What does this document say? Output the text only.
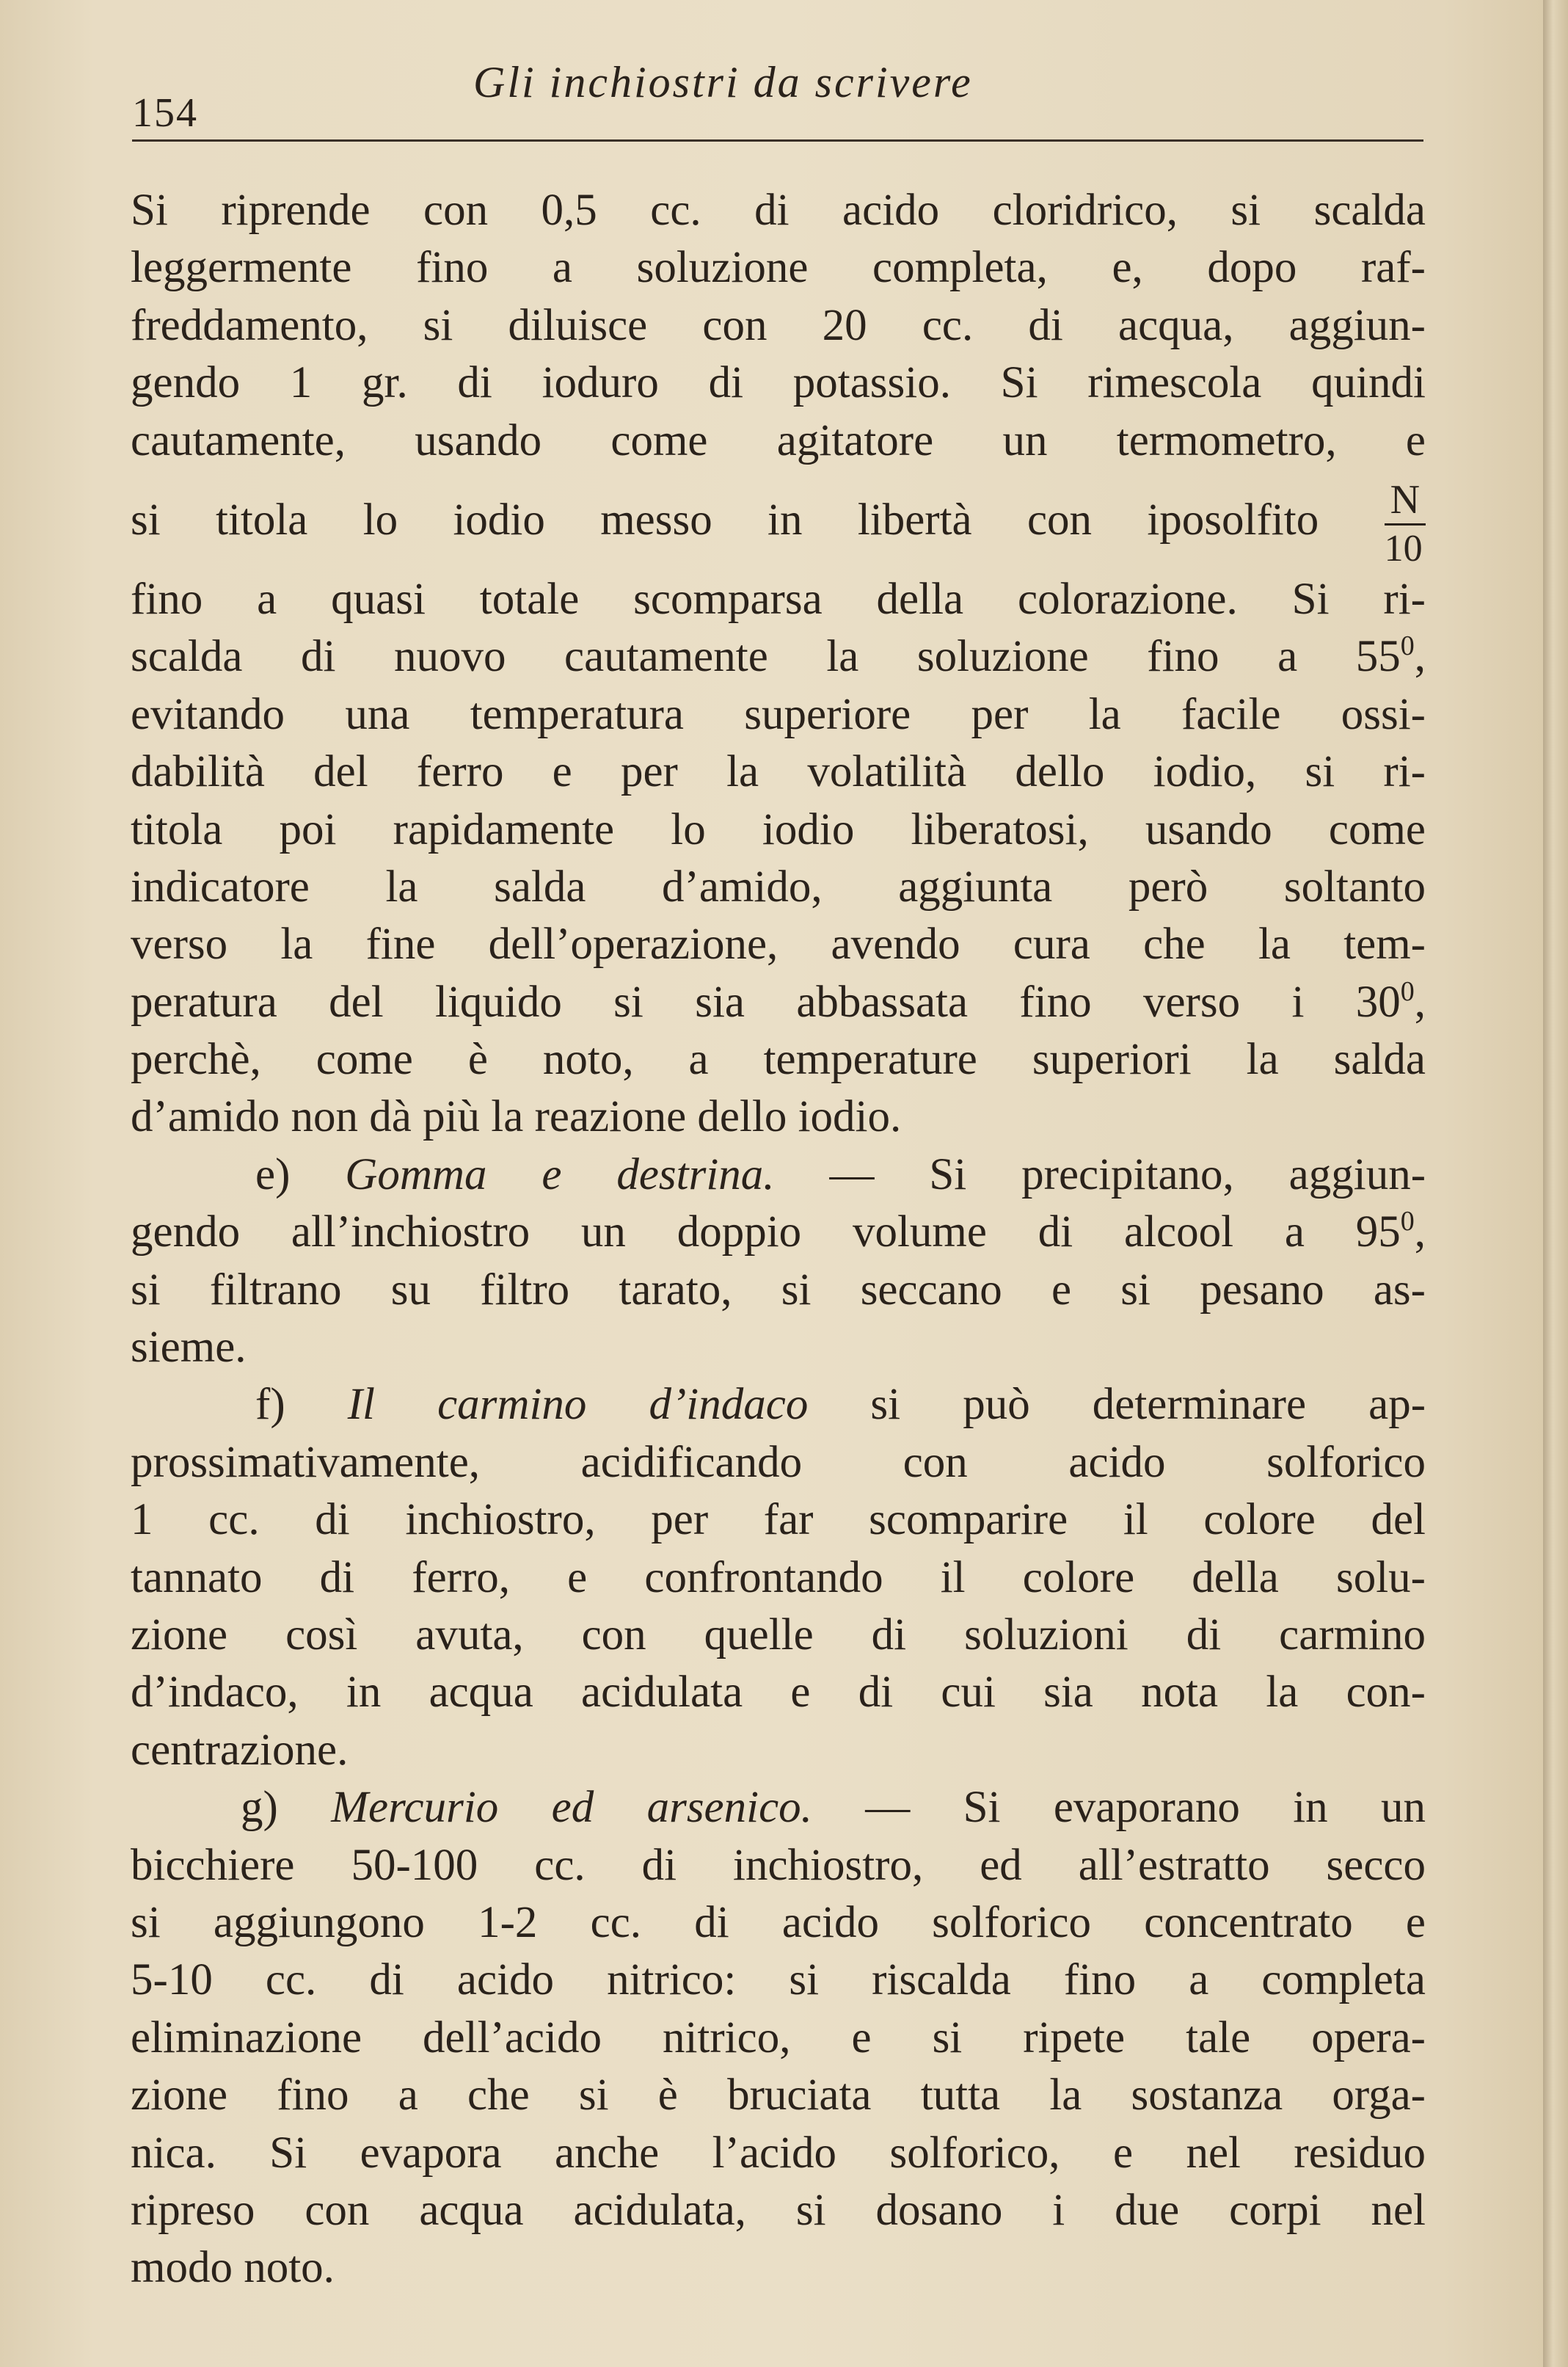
154
Gli inchiostri da scrivere
Si riprende con 0,5 cc. di acido cloridrico, si scalda
leggermente fino a soluzione completa, e, dopo raf-
freddamento, si diluisce con 20 cc. di acqua, aggiun-
gendo 1 gr. di ioduro di potassio. Si rimescola quindi
cautamente, usando come agitatore un termometro, e
si titola lo iodio messo in libertà con iposolfito $\frac{N}{10}$
fino a quasi totale scomparsa della colorazione. Si ri-
scalda di nuovo cautamente la soluzione fino a $55^0$,
evitando una temperatura superiore per la facile ossi-
dabilità del ferro e per la volatilità dello iodio, si ri-
titola poi rapidamente lo iodio liberatosi, usando come
indicatore la salda d’amido, aggiunta però soltanto
verso la fine dell’operazione, avendo cura che la tem-
peratura del liquido si sia abbassata fino verso i $30^0$,
perchè, come è noto, a temperature superiori la salda
d’amido non dà più la reazione dello iodio.
e) Gomma e destrina. — Si precipitano, aggiun-
gendo all’inchiostro un doppio volume di alcool a $95^0$,
si filtrano su filtro tarato, si seccano e si pesano as-
sieme.
f) Il carmino d’indaco si può determinare ap-
prossimativamente, acidificando con acido solforico
1 cc. di inchiostro, per far scomparire il colore del
tannato di ferro, e confrontando il colore della solu-
zione così avuta, con quelle di soluzioni di carmino
d’indaco, in acqua acidulata e di cui sia nota la con-
centrazione.
g) Mercurio ed arsenico. — Si evaporano in un
bicchiere 50-100 cc. di inchiostro, ed all’estratto secco
si aggiungono 1-2 cc. di acido solforico concentrato e
5-10 cc. di acido nitrico: si riscalda fino a completa
eliminazione dell’acido nitrico, e si ripete tale opera-
zione fino a che si è bruciata tutta la sostanza orga-
nica. Si evapora anche l’acido solforico, e nel residuo
ripreso con acqua acidulata, si dosano i due corpi nel
modo noto.
